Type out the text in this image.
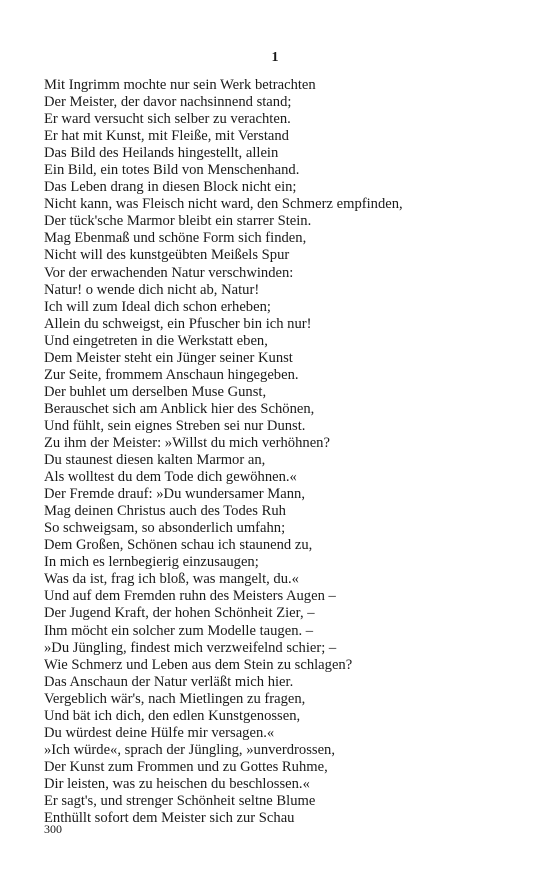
1
Mit Ingrimm mochte nur sein Werk betrachten
Der Meister, der davor nachsinnend stand;
Er ward versucht sich selber zu verachten.
Er hat mit Kunst, mit Fleiße, mit Verstand
Das Bild des Heilands hingestellt, allein
Ein Bild, ein totes Bild von Menschenhand.
Das Leben drang in diesen Block nicht ein;
Nicht kann, was Fleisch nicht ward, den Schmerz empfinden,
Der tück'sche Marmor bleibt ein starrer Stein.
Mag Ebenmaß und schöne Form sich finden,
Nicht will des kunstgeübten Meißels Spur
Vor der erwachenden Natur verschwinden:
Natur! o wende dich nicht ab, Natur!
Ich will zum Ideal dich schon erheben;
Allein du schweigst, ein Pfuscher bin ich nur!
Und eingetreten in die Werkstatt eben,
Dem Meister steht ein Jünger seiner Kunst
Zur Seite, frommem Anschaun hingegeben.
Der buhlet um derselben Muse Gunst,
Berauschet sich am Anblick hier des Schönen,
Und fühlt, sein eignes Streben sei nur Dunst.
Zu ihm der Meister: »Willst du mich verhöhnen?
Du staunest diesen kalten Marmor an,
Als wolltest du dem Tode dich gewöhnen.«
Der Fremde drauf: »Du wundersamer Mann,
Mag deinen Christus auch des Todes Ruh
So schweigsam, so absonderlich umfahn;
Dem Großen, Schönen schau ich staunend zu,
In mich es lernbegierig einzusaugen;
Was da ist, frag ich bloß, was mangelt, du.«
Und auf dem Fremden ruhn des Meisters Augen –
Der Jugend Kraft, der hohen Schönheit Zier, –
Ihm möcht ein solcher zum Modelle taugen. –
»Du Jüngling, findest mich verzweifelnd schier; –
Wie Schmerz und Leben aus dem Stein zu schlagen?
Das Anschaun der Natur verläßt mich hier.
Vergeblich wär's, nach Mietlingen zu fragen,
Und bät ich dich, den edlen Kunstgenossen,
Du würdest deine Hülfe mir versagen.«
»Ich würde«, sprach der Jüngling, »unverdrossen,
Der Kunst zum Frommen und zu Gottes Ruhme,
Dir leisten, was zu heischen du beschlossen.«
Er sagt's, und strenger Schönheit seltne Blume
Enthüllt sofort dem Meister sich zur Schau
300
